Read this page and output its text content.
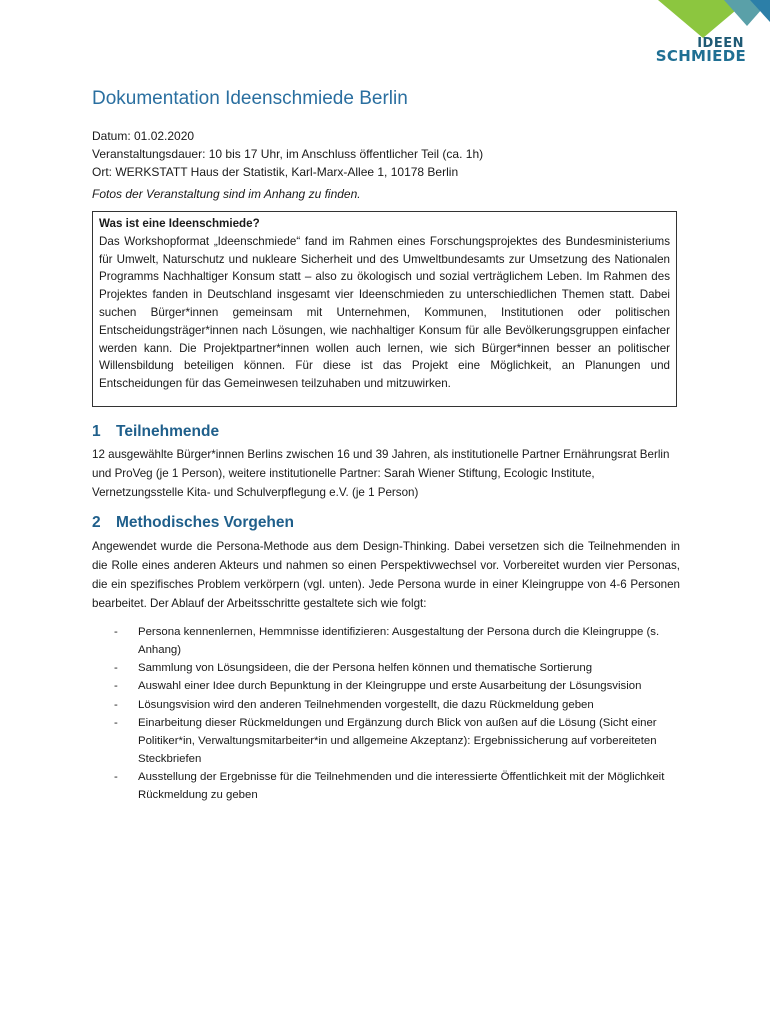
IDEEN
SCHMIEDE
Dokumentation Ideenschmiede Berlin
Datum: 01.02.2020
Veranstaltungsdauer: 10 bis 17 Uhr, im Anschluss öffentlicher Teil (ca. 1h)
Ort: WERKSTATT Haus der Statistik, Karl-Marx-Allee 1, 10178 Berlin
Fotos der Veranstaltung sind im Anhang zu finden.
Was ist eine Ideenschmiede?
Das Workshopformat „Ideenschmiede“ fand im Rahmen eines Forschungsprojektes des Bundesministeriums für Umwelt, Naturschutz und nukleare Sicherheit und des Umweltbundesamts zur Umsetzung des Nationalen Programms Nachhaltiger Konsum statt – also zu ökologisch und sozial verträglichem Leben. Im Rahmen des Projektes fanden in Deutschland insgesamt vier Ideenschmieden zu unterschiedlichen Themen statt. Dabei suchen Bürger*innen gemeinsam mit Unternehmen, Kommunen, Institutionen oder politischen Entscheidungsträger*innen nach Lösungen, wie nachhaltiger Konsum für alle Bevölkerungsgruppen einfacher werden kann. Die Projektpartner*innen wollen auch lernen, wie sich Bürger*innen besser an politischer Willensbildung beteiligen können. Für diese ist das Projekt eine Möglichkeit, an Planungen und Entscheidungen für das Gemeinwesen teilzuhaben und mitzuwirken.
1 Teilnehmende
12 ausgewählte Bürger*innen Berlins zwischen 16 und 39 Jahren, als institutionelle Partner Ernährungsrat Berlin und ProVeg (je 1 Person), weitere institutionelle Partner: Sarah Wiener Stiftung, Ecologic Institute, Vernetzungsstelle Kita- und Schulverpflegung e.V. (je 1 Person)
2 Methodisches Vorgehen
Angewendet wurde die Persona-Methode aus dem Design-Thinking. Dabei versetzen sich die Teilnehmenden in die Rolle eines anderen Akteurs und nahmen so einen Perspektivwechsel vor. Vorbereitet wurden vier Personas, die ein spezifisches Problem verkörpern (vgl. unten). Jede Persona wurde in einer Kleingruppe von 4-6 Personen bearbeitet. Der Ablauf der Arbeitsschritte gestaltete sich wie folgt:
- Persona kennenlernen, Hemmnisse identifizieren: Ausgestaltung der Persona durch die Kleingruppe (s. Anhang)
- Sammlung von Lösungsideen, die der Persona helfen können und thematische Sortierung
- Auswahl einer Idee durch Bepunktung in der Kleingruppe und erste Ausarbeitung der Lösungsvision
- Lösungsvision wird den anderen Teilnehmenden vorgestellt, die dazu Rückmeldung geben
- Einarbeitung dieser Rückmeldungen und Ergänzung durch Blick von außen auf die Lösung (Sicht einer Politiker*in, Verwaltungsmitarbeiter*in und allgemeine Akzeptanz): Ergebnissicherung auf vorbereiteten Steckbriefen
- Ausstellung der Ergebnisse für die Teilnehmenden und die interessierte Öffentlichkeit mit der Möglichkeit Rückmeldung zu geben
